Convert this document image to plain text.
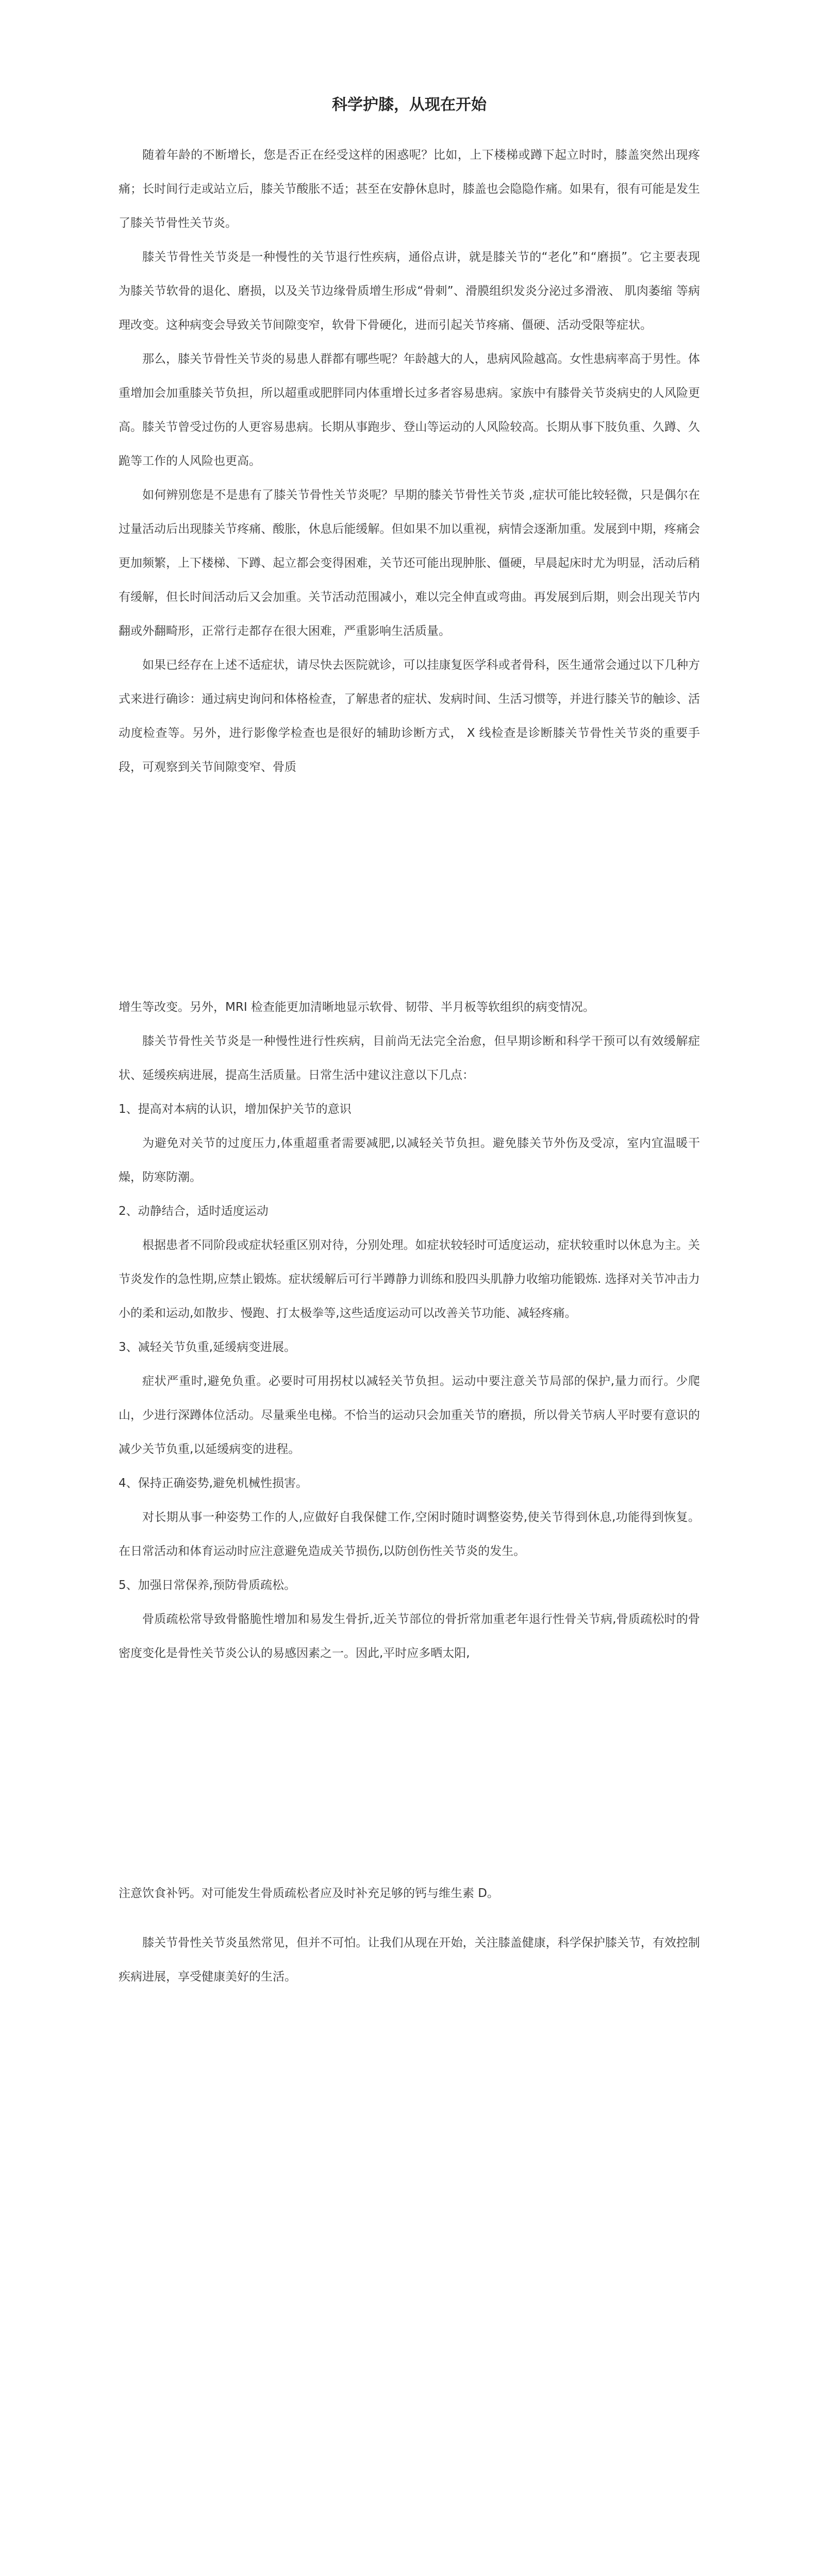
科学护膝，从现在开始

随着年龄的不断增长，您是否正在经受这样的困惑呢？比如，上下楼梯或蹲下起立时时，膝盖突然出现疼痛；长时间行走或站立后，膝关节酸胀不适；甚至在安静休息时，膝盖也会隐隐作痛。如果有，很有可能是发生了膝关节骨性关节炎。

膝关节骨性关节炎是一种慢性的关节退行性疾病，通俗点讲，就是膝关节的“老化”和“磨损”。它主要表现为膝关节软骨的退化、磨损，以及关节边缘骨质增生形成“骨刺”、滑膜组织发炎分泌过多滑液、 肌肉萎缩 等病理改变。这种病变会导致关节间隙变窄，软骨下骨硬化，进而引起关节疼痛、僵硬、活动受限等症状。

那么，膝关节骨性关节炎的易患人群都有哪些呢？年龄越大的人，患病风险越高。女性患病率高于男性。体重增加会加重膝关节负担，所以超重或肥胖同内体重增长过多者容易患病。家族中有膝骨关节炎病史的人风险更高。膝关节曾受过伤的人更容易患病。长期从事跑步、登山等运动的人风险较高。长期从事下肢负重、久蹲、久跪等工作的人风险也更高。

如何辨别您是不是患有了膝关节骨性关节炎呢？早期的膝关节骨性关节炎 ,症状可能比较轻微，只是偶尔在过量活动后出现膝关节疼痛、酸胀，休息后能缓解。但如果不加以重视，病情会逐渐加重。发展到中期，疼痛会更加频繁，上下楼梯、下蹲、起立都会变得困难，关节还可能出现肿胀、僵硬，早晨起床时尤为明显，活动后稍有缓解，但长时间活动后又会加重。关节活动范围减小，难以完全伸直或弯曲。再发展到后期，则会出现关节内翻或外翻畸形，正常行走都存在很大困难，严重影响生活质量。

如果已经存在上述不适症状，请尽快去医院就诊，可以挂康复医学科或者骨科，医生通常会通过以下几种方式来进行确诊：通过病史询问和体格检查，了解患者的症状、发病时间、生活习惯等，并进行膝关节的触诊、活动度检查等。另外，进行影像学检查也是很好的辅助诊断方式， X 线检查是诊断膝关节骨性关节炎的重要手段，可观察到关节间隙变窄、骨质

增生等改变。另外，MRI 检查能更加清晰地显示软骨、韧带、半月板等软组织的病变情况。

膝关节骨性关节炎是一种慢性进行性疾病，目前尚无法完全治愈，但早期诊断和科学干预可以有效缓解症状、延缓疾病进展，提高生活质量。日常生活中建议注意以下几点：

1、提高对本病的认识，增加保护关节的意识

为避免对关节的过度压力,体重超重者需要减肥,以减轻关节负担。避免膝关节外伤及受凉，室内宜温暖干燥，防寒防潮。

2、动静结合，适时适度运动

根据患者不同阶段或症状轻重区别对待，分别处理。如症状较轻时可适度运动，症状较重时以休息为主。关节炎发作的急性期,应禁止锻炼。症状缓解后可行半蹲静力训练和股四头肌静力收缩功能锻炼. 选择对关节冲击力小的柔和运动,如散步、慢跑、打太极拳等,这些适度运动可以改善关节功能、减轻疼痛。

3、减轻关节负重,延缓病变进展。

症状严重时,避免负重。必要时可用拐杖以减轻关节负担。运动中要注意关节局部的保护,量力而行。少爬山，少进行深蹲体位活动。尽量乘坐电梯。不恰当的运动只会加重关节的磨损，所以骨关节病人平时要有意识的减少关节负重,以延缓病变的进程。

4、保持正确姿势,避免机械性损害。

对长期从事一种姿势工作的人,应做好自我保健工作,空闲时随时调整姿势,使关节得到休息,功能得到恢复。在日常活动和体育运动时应注意避免造成关节损伤,以防创伤性关节炎的发生。

5、加强日常保养,预防骨质疏松。

骨质疏松常导致骨骼脆性增加和易发生骨折,近关节部位的骨折常加重老年退行性骨关节病,骨质疏松时的骨密度变化是骨性关节炎公认的易感因素之一。因此,平时应多晒太阳,

注意饮食补钙。对可能发生骨质疏松者应及时补充足够的钙与维生素 D。

膝关节骨性关节炎虽然常见，但并不可怕。让我们从现在开始，关注膝盖健康，科学保护膝关节，有效控制疾病进展，享受健康美好的生活。
